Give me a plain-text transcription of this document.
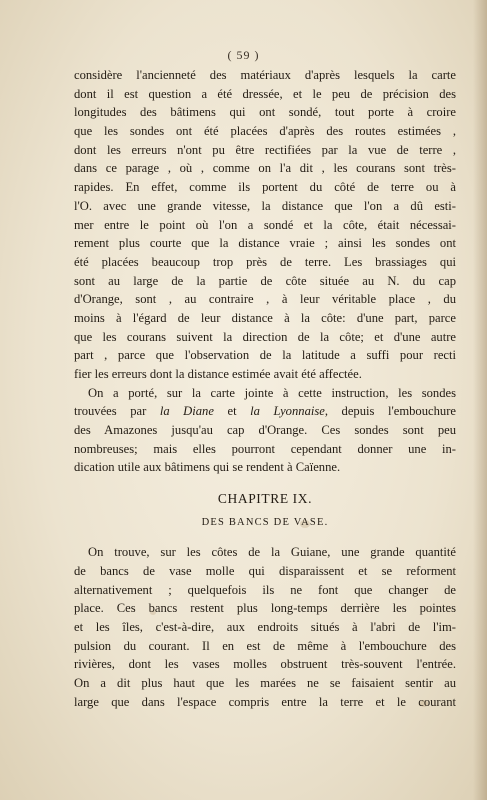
( 59 )
considère l'ancienneté des matériaux d'après lesquels la carte
dont il est question a été dressée, et le peu de précision des
longitudes des bâtimens qui ont sondé, tout porte à croire
que les sondes ont été placées d'après des routes estimées ,
dont les erreurs n'ont pu être rectifiées par la vue de terre ,
dans ce parage , où , comme on l'a dit , les courans sont très-
rapides. En effet, comme ils portent du côté de terre ou à
l'O. avec une grande vitesse, la distance que l'on a dû esti-
mer entre le point où l'on a sondé et la côte, était nécessai-
rement plus courte que la distance vraie ; ainsi les sondes ont
été placées beaucoup trop près de terre. Les brassiages qui
sont au large de la partie de côte située au N. du cap
d'Orange, sont , au contraire , à leur véritable place , du
moins à l'égard de leur distance à la côte: d'une part, parce
que les courans suivent la direction de la côte; et d'une autre
part , parce que l'observation de la latitude a suffi pour recti
fier les erreurs dont la distance estimée avait été affectée.
On a porté, sur la carte jointe à cette instruction, les sondes
trouvées par la Diane et la Lyonnaise, depuis l'embouchure
des Amazones jusqu'au cap d'Orange. Ces sondes sont peu
nombreuses; mais elles pourront cependant donner une in-
dication utile aux bâtimens qui se rendent à Caïenne.
CHAPITRE IX.
DES BANCS DE VASE.
On trouve, sur les côtes de la Guiane, une grande quantité
de bancs de vase molle qui disparaissent et se reforment
alternativement ; quelquefois ils ne font que changer de
place. Ces bancs restent plus long-temps derrière les pointes
et les îles, c'est-à-dire, aux endroits situés à l'abri de l'im-
pulsion du courant. Il en est de même à l'embouchure des
rivières, dont les vases molles obstruent très-souvent l'entrée.
On a dit plus haut que les marées ne se faisaient sentir au
large que dans l'espace compris entre la terre et le courant
